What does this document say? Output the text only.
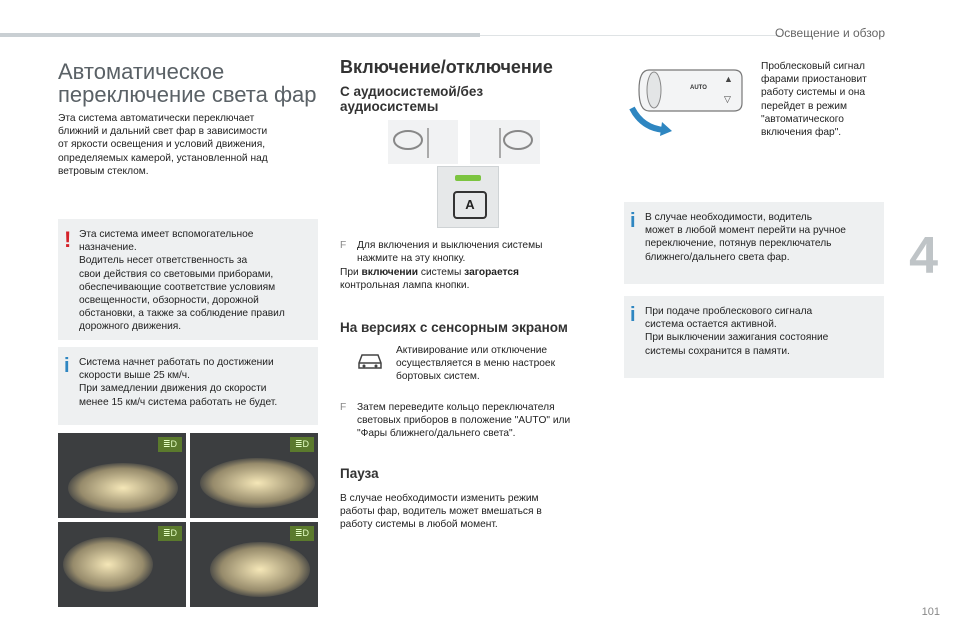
Освещение и обзор
4
101
Автоматическое
переключение света фар
Эта система автоматически переключает
ближний и дальний свет фар в зависимости
от яркости освещения и условий движения,
определяемых камерой, установленной над
ветровым стеклом.
! Эта система имеет вспомогательное
назначение.
Водитель несет ответственность за
свои действия со световыми приборами,
обеспечивающие соответствие условиям
освещенности, обзорности, дорожной
обстановки, а также за соблюдение правил
дорожного движения.
i Система начнет работать по достижении
скорости выше 25 км/ч.
При замедлении движения до скорости
менее 15 км/ч система работать не будет.
≣D	≣D
≣D	≣D
Включение/отключение
С аудиосистемой/без
аудиосистемы
A
F Для включения и выключения системы
нажмите на эту кнопку.
При включении системы загорается
контрольная лампа кнопки.
На версиях с сенсорным экраном
Активирование или отключение
осуществляется в меню настроек
бортовых систем.
F Затем переведите кольцо переключателя
световых приборов в положение "AUTO" или
"Фары ближнего/дальнего света".
Пауза
В случае необходимости изменить режим
работы фар, водитель может вмешаться в
работу системы в любой момент.
AUTO
▲
▽
Проблесковый сигнал
фарами приостановит
работу системы и она
перейдет в режим
"автоматического
включения фар".
i В случае необходимости, водитель
может в любой момент перейти на ручное
переключение, потянув переключатель
ближнего/дальнего света фар.
i При подаче проблескового сигнала
система остается активной.
При выключении зажигания состояние
системы сохранится в памяти.
